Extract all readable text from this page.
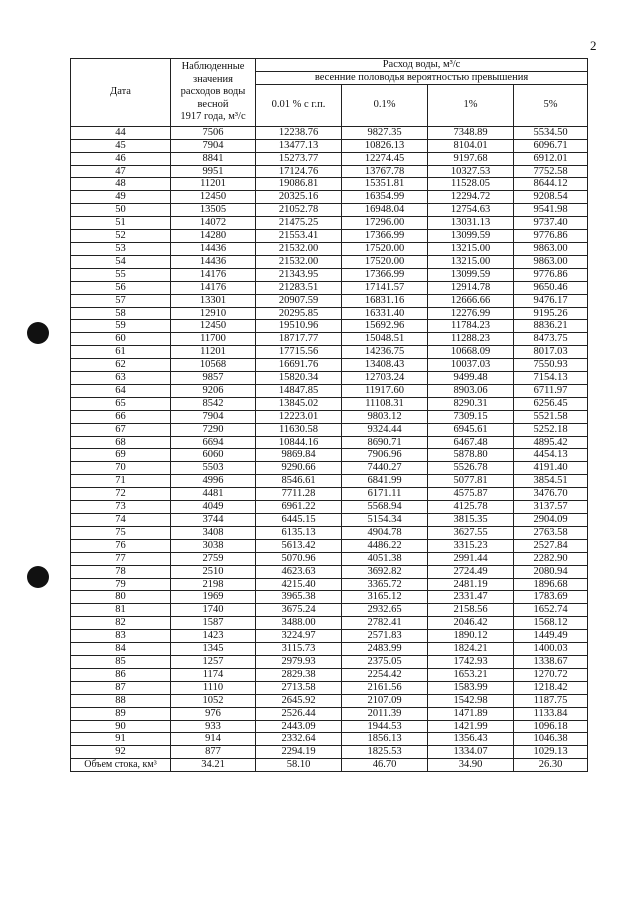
2
Дата	Наблюденные
значения
расходов воды
весной
1917 года, м³/с	Расход воды, м³/с			
		весенние половодья вероятностью превышения			
		0.01 % с г.п.	0.1%	1%	5%
44	7506	12238.76	9827.35	7348.89	5534.50
45	7904	13477.13	10826.13	8104.01	6096.71
46	8841	15273.77	12274.45	9197.68	6912.01
47	9951	17124.76	13767.78	10327.53	7752.58
48	11201	19086.81	15351.81	11528.05	8644.12
49	12450	20325.16	16354.99	12294.72	9208.54
50	13505	21052.78	16948.04	12754.63	9541.98
51	14072	21475.25	17296.00	13031.13	9737.40
52	14280	21553.41	17366.99	13099.59	9776.86
53	14436	21532.00	17520.00	13215.00	9863.00
54	14436	21532.00	17520.00	13215.00	9863.00
55	14176	21343.95	17366.99	13099.59	9776.86
56	14176	21283.51	17141.57	12914.78	9650.46
57	13301	20907.59	16831.16	12666.66	9476.17
58	12910	20295.85	16331.40	12276.99	9195.26
59	12450	19510.96	15692.96	11784.23	8836.21
60	11700	18717.77	15048.51	11288.23	8473.75
61	11201	17715.56	14236.75	10668.09	8017.03
62	10568	16691.76	13408.43	10037.03	7550.93
63	9857	15820.34	12703.24	9499.48	7154.13
64	9206	14847.85	11917.60	8903.06	6711.97
65	8542	13845.02	11108.31	8290.31	6256.45
66	7904	12223.01	9803.12	7309.15	5521.58
67	7290	11630.58	9324.44	6945.61	5252.18
68	6694	10844.16	8690.71	6467.48	4895.42
69	6060	9869.84	7906.96	5878.80	4454.13
70	5503	9290.66	7440.27	5526.78	4191.40
71	4996	8546.61	6841.99	5077.81	3854.51
72	4481	7711.28	6171.11	4575.87	3476.70
73	4049	6961.22	5568.94	4125.78	3137.57
74	3744	6445.15	5154.34	3815.35	2904.09
75	3408	6135.13	4904.78	3627.55	2763.58
76	3038	5613.42	4486.22	3315.23	2527.84
77	2759	5070.96	4051.38	2991.44	2282.90
78	2510	4623.63	3692.82	2724.49	2080.94
79	2198	4215.40	3365.72	2481.19	1896.68
80	1969	3965.38	3165.12	2331.47	1783.69
81	1740	3675.24	2932.65	2158.56	1652.74
82	1587	3488.00	2782.41	2046.42	1568.12
83	1423	3224.97	2571.83	1890.12	1449.49
84	1345	3115.73	2483.99	1824.21	1400.03
85	1257	2979.93	2375.05	1742.93	1338.67
86	1174	2829.38	2254.42	1653.21	1270.72
87	1110	2713.58	2161.56	1583.99	1218.42
88	1052	2645.92	2107.09	1542.98	1187.75
89	976	2526.44	2011.39	1471.89	1133.84
90	933	2443.09	1944.53	1421.99	1096.18
91	914	2332.64	1856.13	1356.43	1046.38
92	877	2294.19	1825.53	1334.07	1029.13
Объем стока, км³	34.21	58.10	46.70	34.90	26.30
